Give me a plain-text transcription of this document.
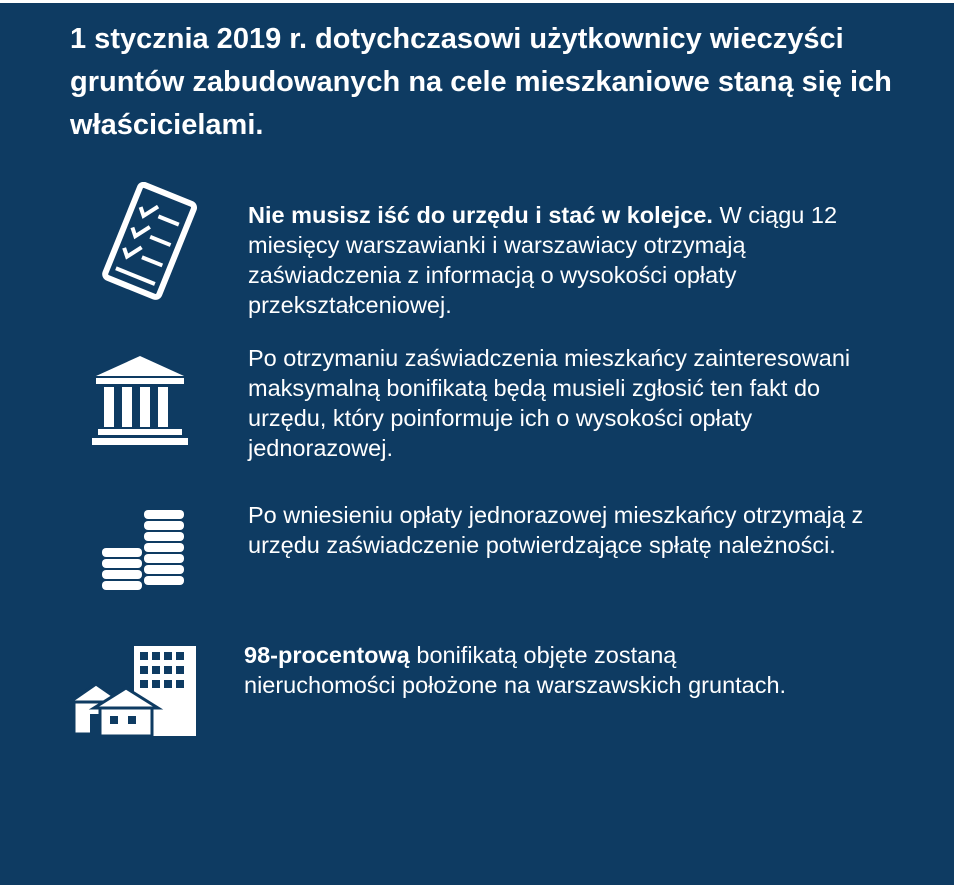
1 stycznia 2019 r. dotychczasowi użytkownicy wieczyści gruntów zabudowanych na cele mieszkaniowe staną się ich właścicielami.

Nie musisz iść do urzędu i stać w kolejce. W ciągu 12 miesięcy warszawianki i warszawiacy otrzymają zaświadczenia z informacją o wysokości opłaty przekształceniowej.

Po otrzymaniu zaświadczenia mieszkańcy zainteresowani maksymalną bonifikatą będą musieli zgłosić ten fakt do urzędu, który poinformuje ich o wysokości opłaty jednorazowej.

Po wniesieniu opłaty jednorazowej mieszkańcy otrzymają z urzędu zaświadczenie potwierdzające spłatę należności.

98-procentową bonifikatą objęte zostaną nieruchomości położone na warszawskich gruntach.
